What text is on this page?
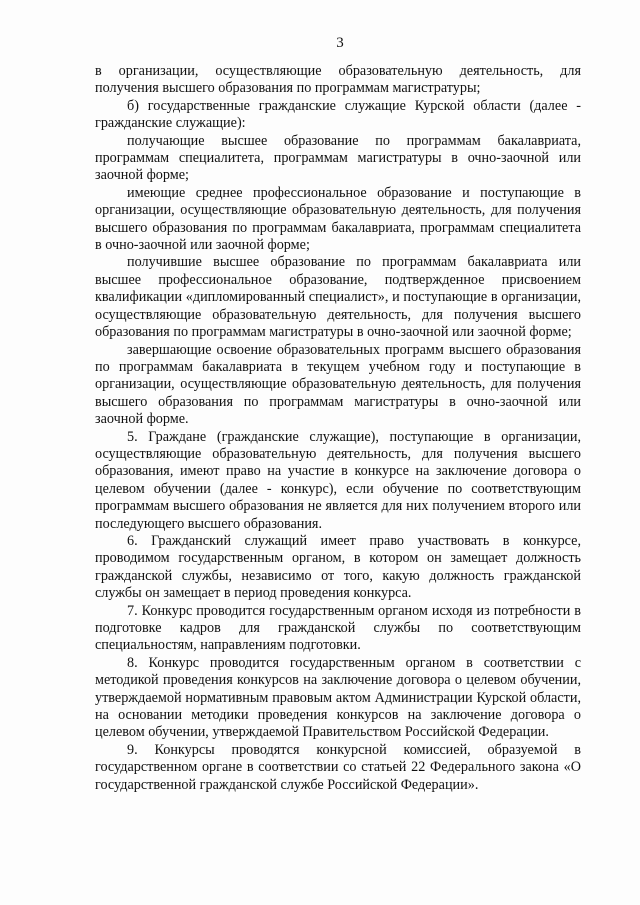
3

в организации, осуществляющие образовательную деятельность, для получения высшего образования по программам магистратуры;

б) государственные гражданские служащие Курской области (далее - гражданские служащие):

получающие высшее образование по программам бакалавриата, программам специалитета, программам магистратуры в очно-заочной или заочной форме;

имеющие среднее профессиональное образование и поступающие в организации, осуществляющие образовательную деятельность, для получения высшего образования по программам бакалавриата, программам специалитета в очно-заочной или заочной форме;

получившие высшее образование по программам бакалавриата или высшее профессиональное образование, подтвержденное присвоением квалификации «дипломированный специалист», и поступающие в организации, осуществляющие образовательную деятельность, для получения высшего образования по программам магистратуры в очно-заочной или заочной форме;

завершающие освоение образовательных программ высшего образования по программам бакалавриата в текущем учебном году и поступающие в организации, осуществляющие образовательную деятельность, для получения высшего образования по программам магистратуры в очно-заочной или заочной форме.

5. Граждане (гражданские служащие), поступающие в организации, осуществляющие образовательную деятельность, для получения высшего образования, имеют право на участие в конкурсе на заключение договора о целевом обучении (далее - конкурс), если обучение по соответствующим программам высшего образования не является для них получением второго или последующего высшего образования.

6. Гражданский служащий имеет право участвовать в конкурсе, проводимом государственным органом, в котором он замещает должность гражданской службы, независимо от того, какую должность гражданской службы он замещает в период проведения конкурса.

7. Конкурс проводится государственным органом исходя из потребности в подготовке кадров для гражданской службы по соответствующим специальностям, направлениям подготовки.

8. Конкурс проводится государственным органом в соответствии с методикой проведения конкурсов на заключение договора о целевом обучении, утверждаемой нормативным правовым актом Администрации Курской области, на основании методики проведения конкурсов на заключение договора о целевом обучении, утверждаемой Правительством Российской Федерации.

9. Конкурсы проводятся конкурсной комиссией, образуемой в государственном органе в соответствии со статьей 22 Федерального закона «О государственной гражданской службе Российской Федерации».
